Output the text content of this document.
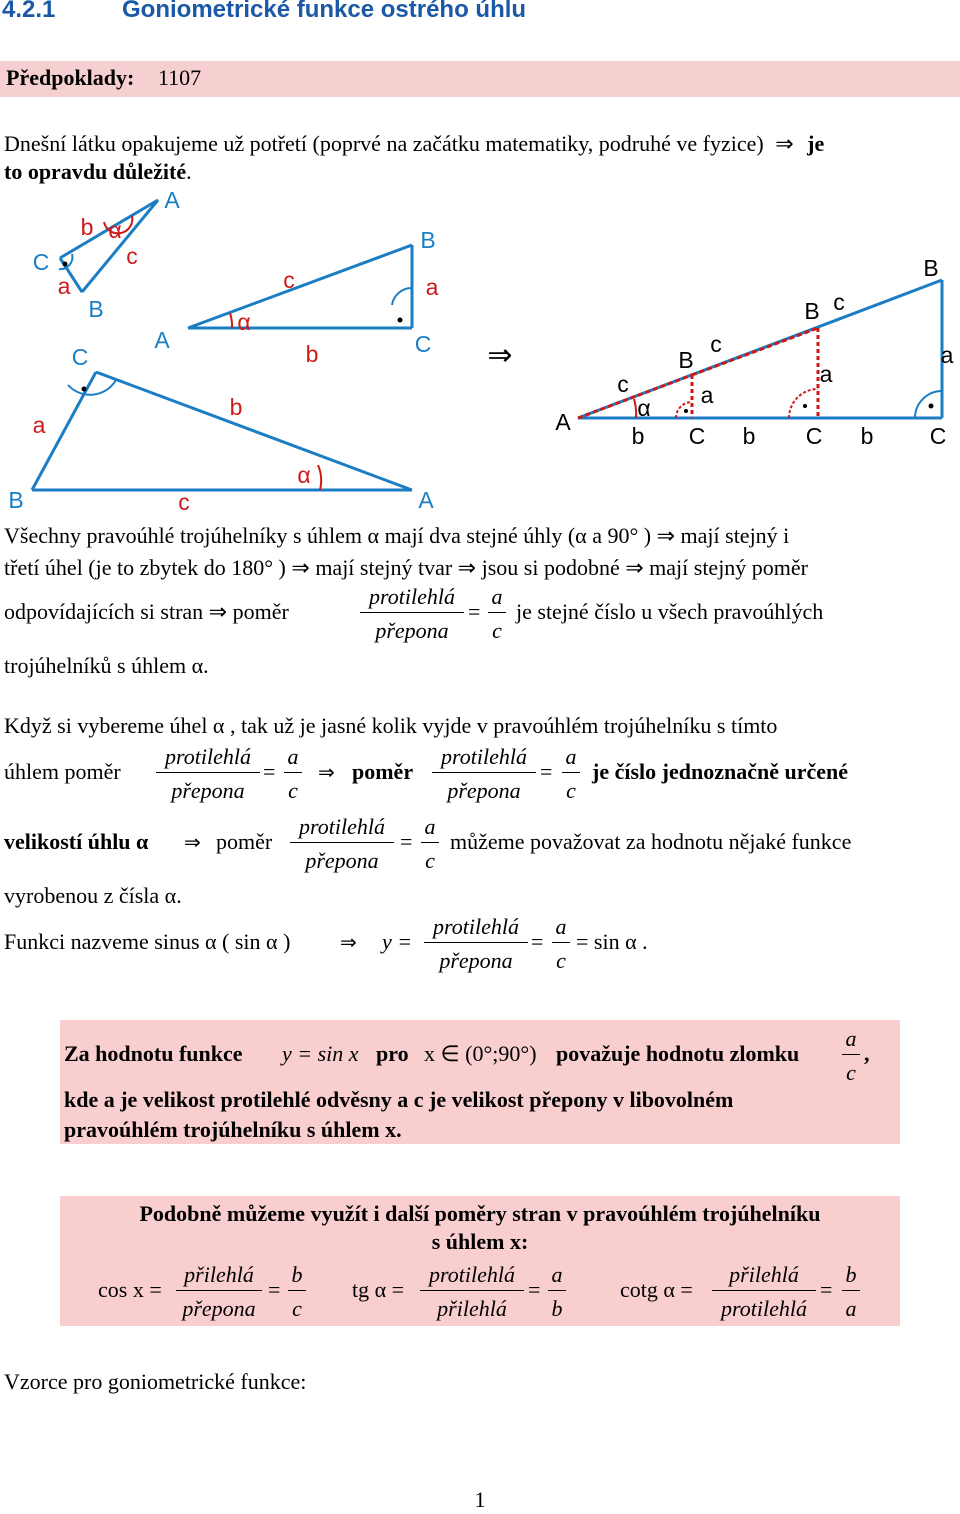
4.2.1	Goniometrické funkce ostrého úhlu
Předpoklady: 1107
Dnešní látku opakujeme už potřetí (poprvé na začátku matematiky, podruhé ve fyzice) ⇒ je
to opravdu důležité.
C
b α
A
c
a
B
B
c	a
α
A
b	C
C
b
a
α
B	c	A
⇒
A
c
α
b
B
c
a
C b
B c
a
C b
B
a
C
Všechny pravoúhlé trojúhelníky s úhlem α mají dva stejné úhly (α a 90° ) ⇒ mají stejný i
třetí úhel (je to zbytek do 180° ) ⇒ mají stejný tvar ⇒ jsou si podobné ⇒ mají stejný poměr
odpovídajících si stran ⇒ poměr
protilehlá
přepona
=
a
c
je stejné číslo u všech pravoúhlých
trojúhelníků s úhlem α.
Když si vybereme úhel α , tak už je jasné kolik vyjde v pravoúhlém trojúhelníku s tímto
úhlem poměr
protilehlá
přepona
=
a
c
⇒ poměr
protilehlá
přepona
=
a
c
je číslo jednoznačně určené
velikostí úhlu α ⇒ poměr
protilehlá
přepona
=
a
c
můžeme považovat za hodnotu nějaké funkce
vyrobenou z čísla α.
Funkci nazveme sinus α ( sin α ) ⇒ y =
protilehlá
přepona
=
a
c
= sin α .
Za hodnotu funkce y = sin x pro x ∈ (0°;90°) považuje hodnotu zlomku
a
c
,
kde a je velikost protilehlé odvěsny a c je velikost přepony v libovolném
pravoúhlém trojúhelníku s úhlem x.
Podobně můžeme využít i další poměry stran v pravoúhlém trojúhelníku
s úhlem x:
cos x =
přilehlá
přepona
=
b
c
tg α =
protilehlá
přilehlá
=
a
b
cotg α =
přilehlá
protilehlá
=
b
a
Vzorce pro goniometrické funkce:
1
